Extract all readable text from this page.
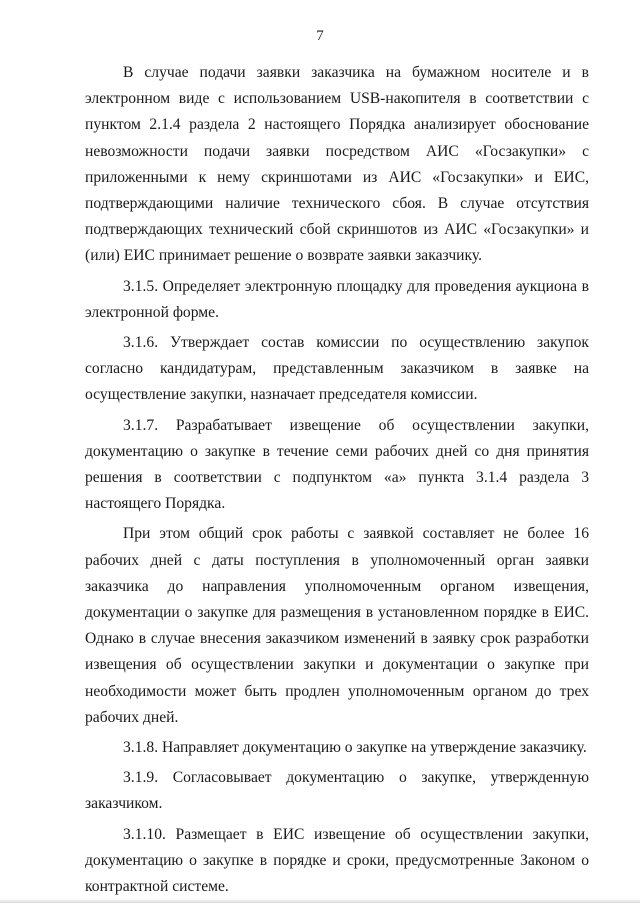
7

В случае подачи заявки заказчика на бумажном носителе и в электронном виде с использованием USB-накопителя в соответствии с пунктом 2.1.4 раздела 2 настоящего Порядка анализирует обоснование невозможности подачи заявки посредством АИС «Госзакупки» с приложенными к нему скриншотами из АИС «Госзакупки» и ЕИС, подтверждающими наличие технического сбоя. В случае отсутствия подтверждающих технический сбой скриншотов из АИС «Госзакупки» и (или) ЕИС принимает решение о возврате заявки заказчику.

3.1.5. Определяет электронную площадку для проведения аукциона в электронной форме.

3.1.6. Утверждает состав комиссии по осуществлению закупок согласно кандидатурам, представленным заказчиком в заявке на осуществление закупки, назначает председателя комиссии.

3.1.7. Разрабатывает извещение об осуществлении закупки, документацию о закупке в течение семи рабочих дней со дня принятия решения в соответствии с подпунктом «а» пункта 3.1.4 раздела 3 настоящего Порядка.

При этом общий срок работы с заявкой составляет не более 16 рабочих дней с даты поступления в уполномоченный орган заявки заказчика до направления уполномоченным органом извещения, документации о закупке для размещения в установленном порядке в ЕИС. Однако в случае внесения заказчиком изменений в заявку срок разработки извещения об осуществлении закупки и документации о закупке при необходимости может быть продлен уполномоченным органом до трех рабочих дней.

3.1.8. Направляет документацию о закупке на утверждение заказчику.

3.1.9. Согласовывает документацию о закупке, утвержденную заказчиком.

3.1.10. Размещает в ЕИС извещение об осуществлении закупки, документацию о закупке в порядке и сроки, предусмотренные Законом о контрактной системе.
